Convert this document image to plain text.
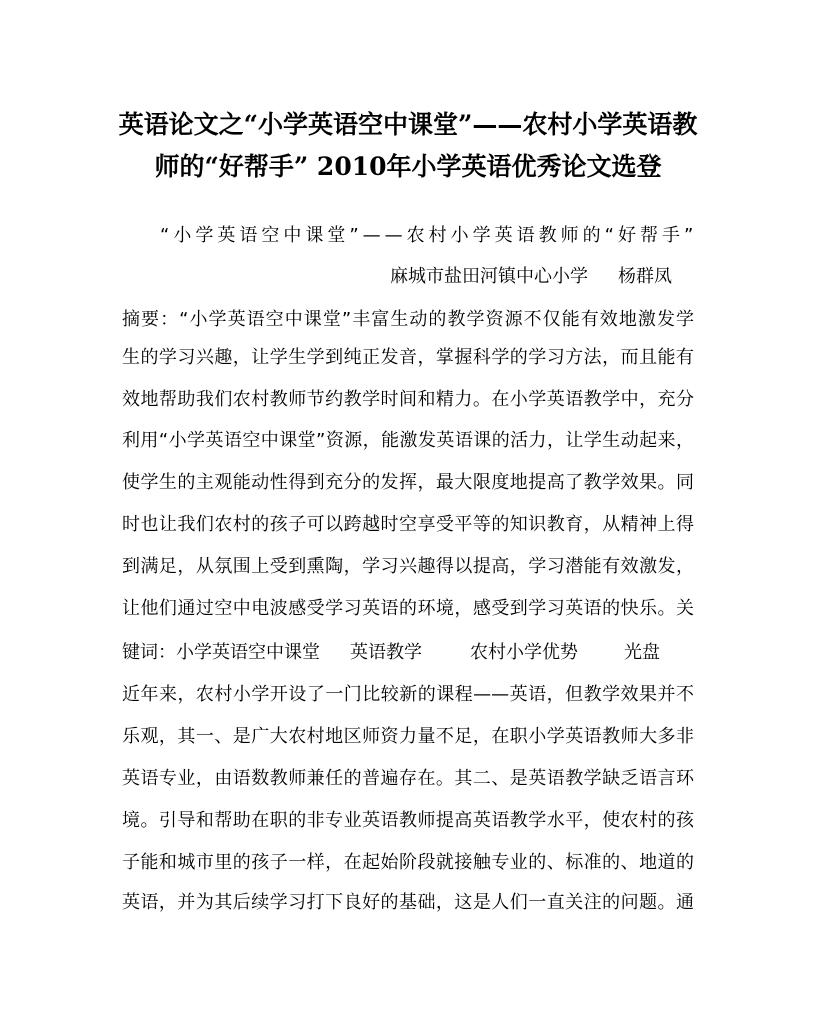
英语论文之“小学英语空中课堂”——农村小学英语教
师的“好帮手” 2010年小学英语优秀论文选登
“小学英语空中课堂”——农村小学英语教师的“好帮手”
麻城市盐田河镇中心小学 杨群凤
摘要：“小学英语空中课堂”丰富生动的教学资源不仅能有效地激发学
生的学习兴趣，让学生学到纯正发音，掌握科学的学习方法，而且能有
效地帮助我们农村教师节约教学时间和精力。在小学英语教学中，充分
利用“小学英语空中课堂”资源，能激发英语课的活力，让学生动起来，
使学生的主观能动性得到充分的发挥，最大限度地提高了教学效果。同
时也让我们农村的孩子可以跨越时空享受平等的知识教育，从精神上得
到满足，从氛围上受到熏陶，学习兴趣得以提高，学习潜能有效激发，
让他们通过空中电波感受学习英语的环境，感受到学习英语的快乐。关
键词：小学英语空中课堂 英语教学	农村小学优势	光盘
近年来，农村小学开设了一门比较新的课程——英语，但教学效果并不
乐观，其一、是广大农村地区师资力量不足，在职小学英语教师大多非
英语专业，由语数教师兼任的普遍存在。其二、是英语教学缺乏语言环
境。引导和帮助在职的非专业英语教师提高英语教学水平，使农村的孩
子能和城市里的孩子一样，在起始阶段就接触专业的、标准的、地道的
英语，并为其后续学习打下良好的基础，这是人们一直关注的问题。通
